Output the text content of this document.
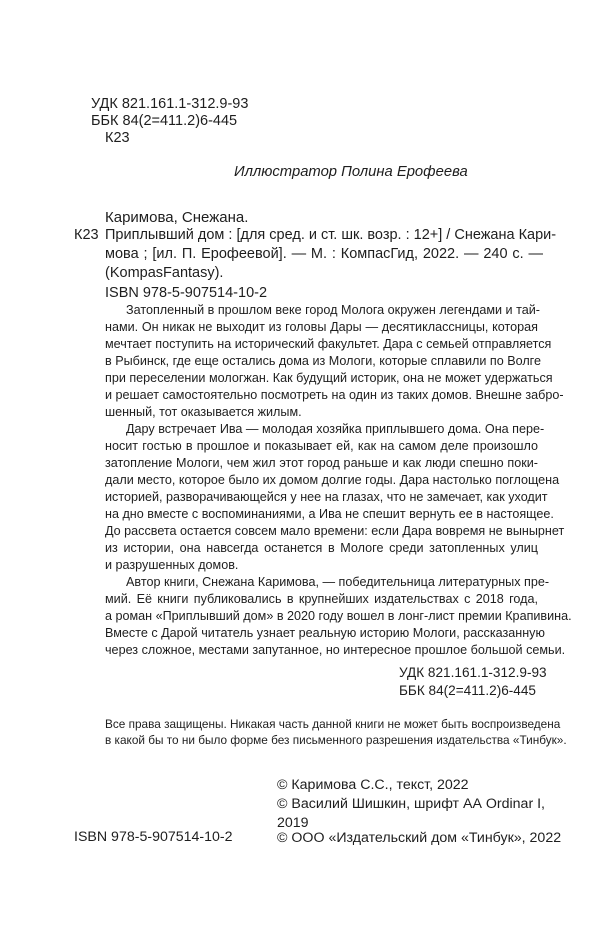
УДК 821.161.1-312.9-93

ББК 84(2=411.2)6-445

К23

Иллюстратор Полина Ерофеева

Каримова, Снежана.

К23 Приплывший дом : [для сред. и ст. шк. возр. : 12+] / Снежана Кари-

мова ; [ил. П. Ерофеевой]. — М. : КомпасГид, 2022. — 240 с. —

(KompasFantasy).

ISBN 978-5-907514-10-2

Затопленный в прошлом веке город Молога окружен легендами и тай-

нами. Он никак не выходит из головы Дары — десятиклассницы, которая

мечтает поступить на исторический факультет. Дара с семьей отправляется

в Рыбинск, где еще остались дома из Мологи, которые сплавили по Волге

при переселении мологжан. Как будущий историк, она не может удержаться

и решает самостоятельно посмотреть на один из таких домов. Внешне забро-

шенный, тот оказывается жилым.

Дару встречает Ива — молодая хозяйка приплывшего дома. Она пере-

носит гостью в прошлое и показывает ей, как на самом деле произошло

затопление Мологи, чем жил этот город раньше и как люди спешно поки-

дали место, которое было их домом долгие годы. Дара настолько поглощена

историей, разворачивающейся у нее на глазах, что не замечает, как уходит

на дно вместе с воспоминаниями, а Ива не спешит вернуть ее в настоящее.

До рассвета остается совсем мало времени: если Дара вовремя не вынырнет

из истории, она навсегда останется в Мологе среди затопленных улиц

и разрушенных домов.

Автор книги, Снежана Каримова, — победительница литературных пре-

мий. Её книги публиковались в крупнейших издательствах с 2018 года,

а роман «Приплывший дом» в 2020 году вошел в лонг-лист премии Крапивина.

Вместе с Дарой читатель узнает реальную историю Мологи, рассказанную

через сложное, местами запутанное, но интересное прошлое большой семьи.

УДК 821.161.1-312.9-93

ББК 84(2=411.2)6-445

Все права защищены. Никакая часть данной книги не может быть воспроизведена

в какой бы то ни было форме без письменного разрешения издательства «Тинбук».

© Каримова С.С., текст, 2022

© Василий Шишкин, шрифт АА Ordinar I,

2019

© ООО «Издательский дом «Тинбук», 2022

ISBN 978-5-907514-10-2
